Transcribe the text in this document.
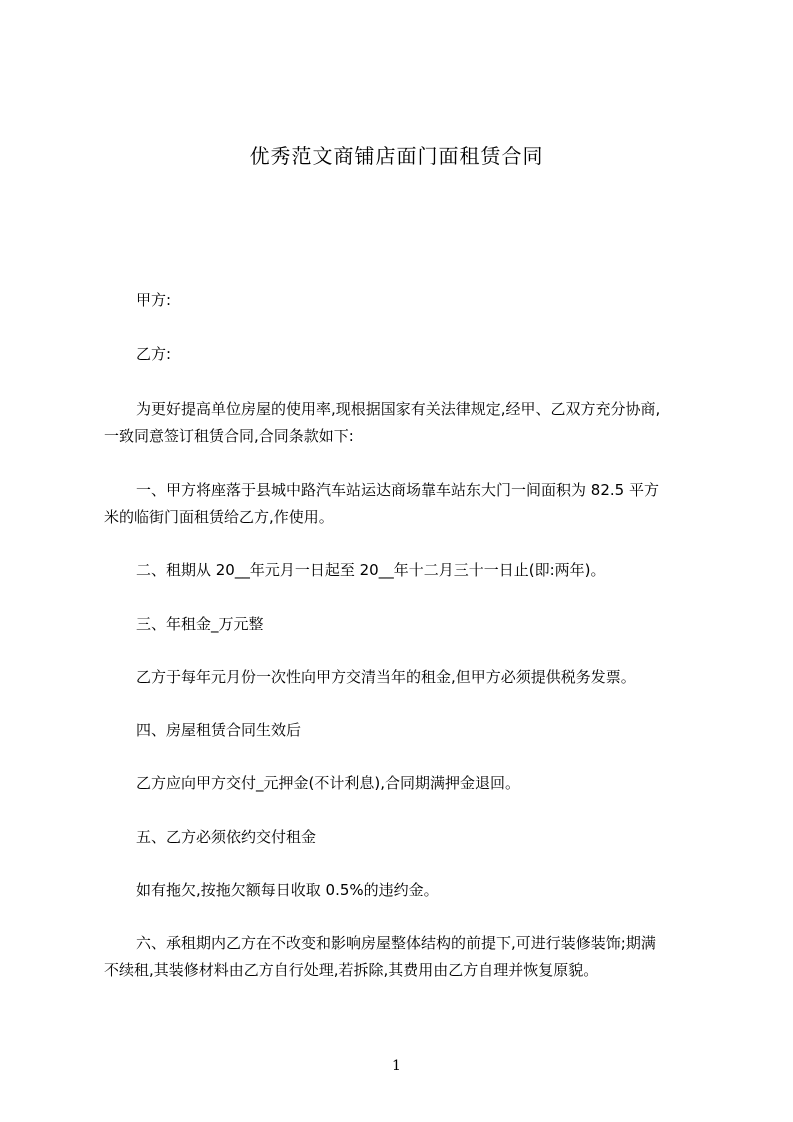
优秀范文商铺店面门面租赁合同
甲方:
乙方:
为更好提高单位房屋的使用率,现根据国家有关法律规定,经甲、乙双方充分协商,
一致同意签订租赁合同,合同条款如下:
一、甲方将座落于县城中路汽车站运达商场靠车站东大门一间面积为 82.5 平方
米的临街门面租赁给乙方,作使用。
二、租期从 20__年元月一日起至 20__年十二月三十一日止(即:两年)。
三、年租金_万元整
乙方于每年元月份一次性向甲方交清当年的租金,但甲方必须提供税务发票。
四、房屋租赁合同生效后
乙方应向甲方交付_元押金(不计利息),合同期满押金退回。
五、乙方必须依约交付租金
如有拖欠,按拖欠额每日收取 0.5%的违约金。
六、承租期内乙方在不改变和影响房屋整体结构的前提下,可进行装修装饰;期满
不续租,其装修材料由乙方自行处理,若拆除,其费用由乙方自理并恢复原貌。
1
